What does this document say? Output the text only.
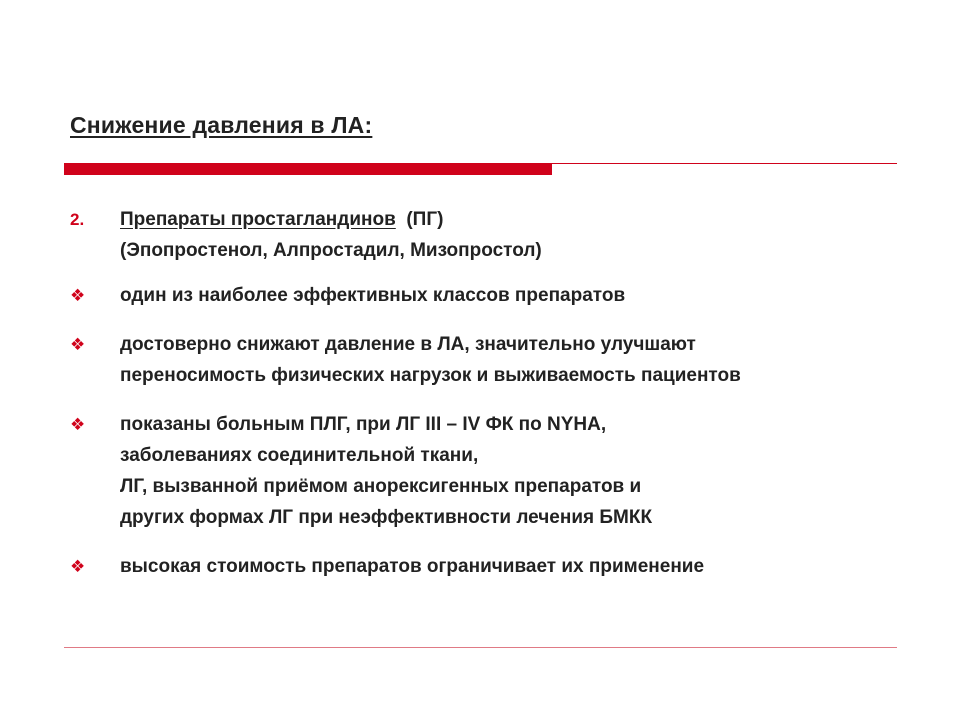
Снижение давления в ЛА:
2. Препараты простагландинов  (ПГ)
(Эпопростенол, Алпростадил, Мизопростол)
❖ один из наиболее эффективных классов препаратов
❖ достоверно снижают давление в ЛА, значительно улучшают
переносимость физических нагрузок и выживаемость пациентов
❖ показаны больным ПЛГ, при ЛГ III – IV ФК по NYHA,
заболеваниях соединительной ткани,
ЛГ, вызванной приёмом анорексигенных препаратов и
других формах ЛГ при неэффективности лечения БМКК
❖ высокая стоимость препаратов ограничивает их применение
